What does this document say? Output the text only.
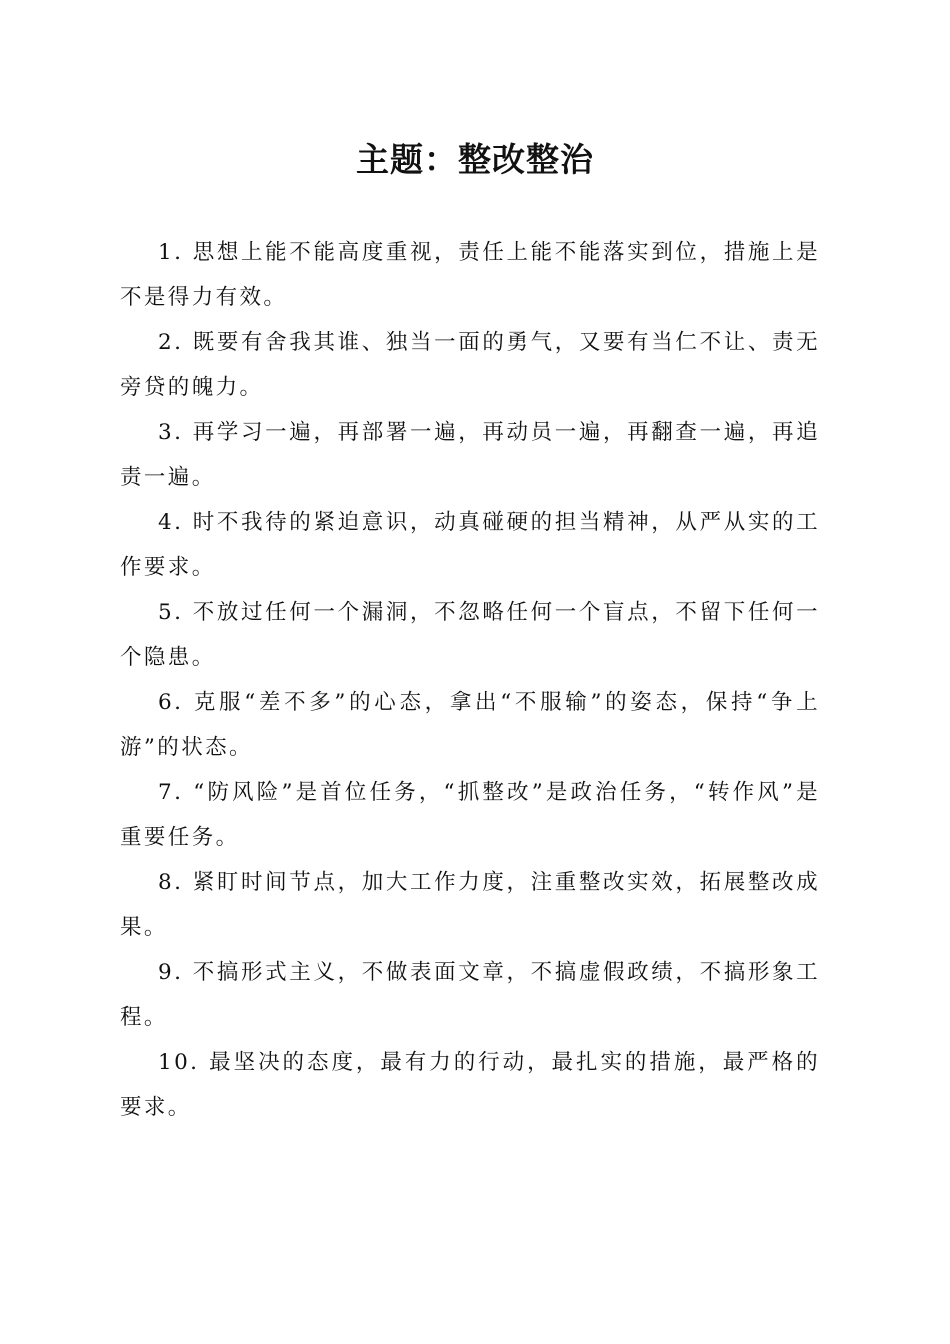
主题：整改整治

1. 思想上能不能高度重视，责任上能不能落实到位，措施上是不是得力有效。

2. 既要有舍我其谁、独当一面的勇气，又要有当仁不让、责无旁贷的魄力。

3. 再学习一遍，再部署一遍，再动员一遍，再翻查一遍，再追责一遍。

4. 时不我待的紧迫意识，动真碰硬的担当精神，从严从实的工作要求。

5. 不放过任何一个漏洞，不忽略任何一个盲点，不留下任何一个隐患。

6. 克服“差不多”的心态，拿出“不服输”的姿态，保持“争上游”的状态。

7. “防风险”是首位任务，“抓整改”是政治任务，“转作风”是重要任务。

8. 紧盯时间节点，加大工作力度，注重整改实效，拓展整改成果。

9. 不搞形式主义，不做表面文章，不搞虚假政绩，不搞形象工程。

10. 最坚决的态度，最有力的行动，最扎实的措施，最严格的要求。
